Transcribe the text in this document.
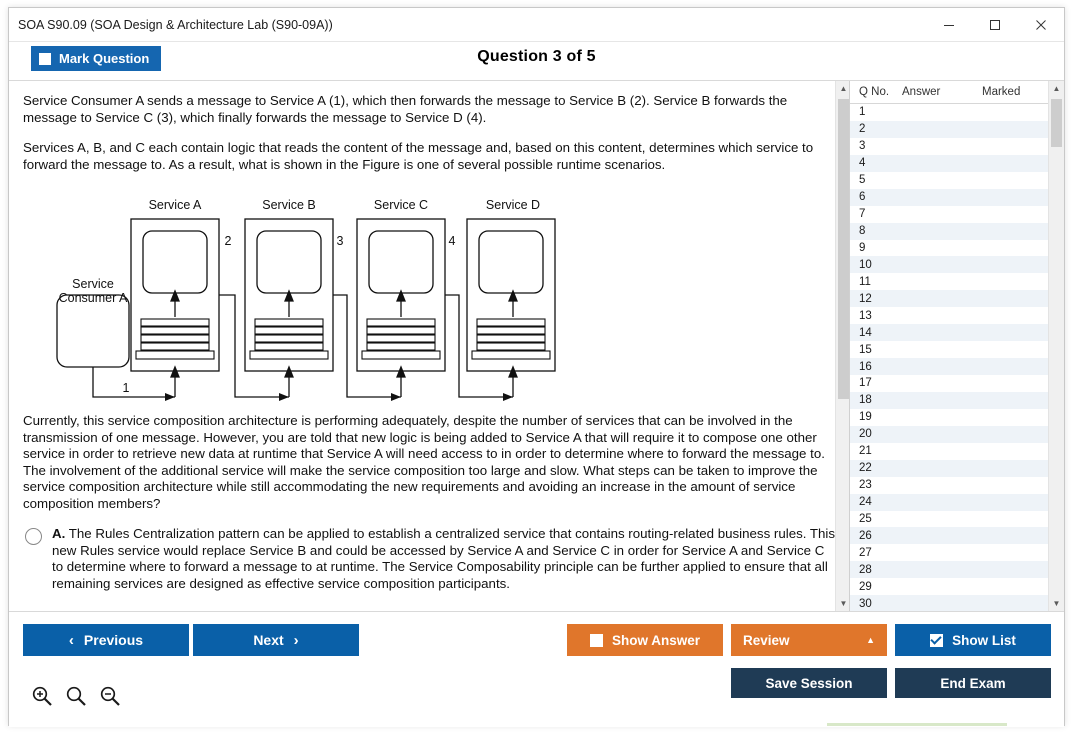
SOA S90.09 (SOA Design & Architecture Lab (S90-09A))
Mark Question	Question 3 of 5

Service Consumer A sends a message to Service A (1), which then forwards the message to Service B (2). Service B forwards the message to Service C (3), which finally forwards the message to Service D (4).

Services A, B, and C each contain logic that reads the content of the message and, based on this content, determines which service to forward the message to. As a result, what is shown in the Figure is one of several possible runtime scenarios.

Service
Consumer A
Service A	Service B	Service C	Service D
1
2	3	4

Currently, this service composition architecture is performing adequately, despite the number of services that can be involved in the transmission of one message. However, you are told that new logic is being added to Service A that will require it to compose one other service in order to retrieve new data at runtime that Service A will need access to in order to determine where to forward the message to. The involvement of the additional service will make the service composition too large and slow. What steps can be taken to improve the service composition architecture while still accommodating the new requirements and avoiding an increase in the amount of service composition members?

A. The Rules Centralization pattern can be applied to establish a centralized service that contains routing-related business rules. This new Rules service would replace Service B and could be accessed by Service A and Service C in order for Service A and Service C to determine where to forward a message to at runtime. The Service Composability principle can be further applied to ensure that all remaining services are designed as effective service composition participants.
▲
▼
Q No.	Answer	Marked
1
2
3
4
5
6
7
8
9
10
11
12
13
14
15
16
17
18
19
20
21
22
23
24
25
26
27
28
29
30
▲
▼
‹ Previous	Next ›	Show Answer	Review	▲	Show List
Save Session	End Exam
